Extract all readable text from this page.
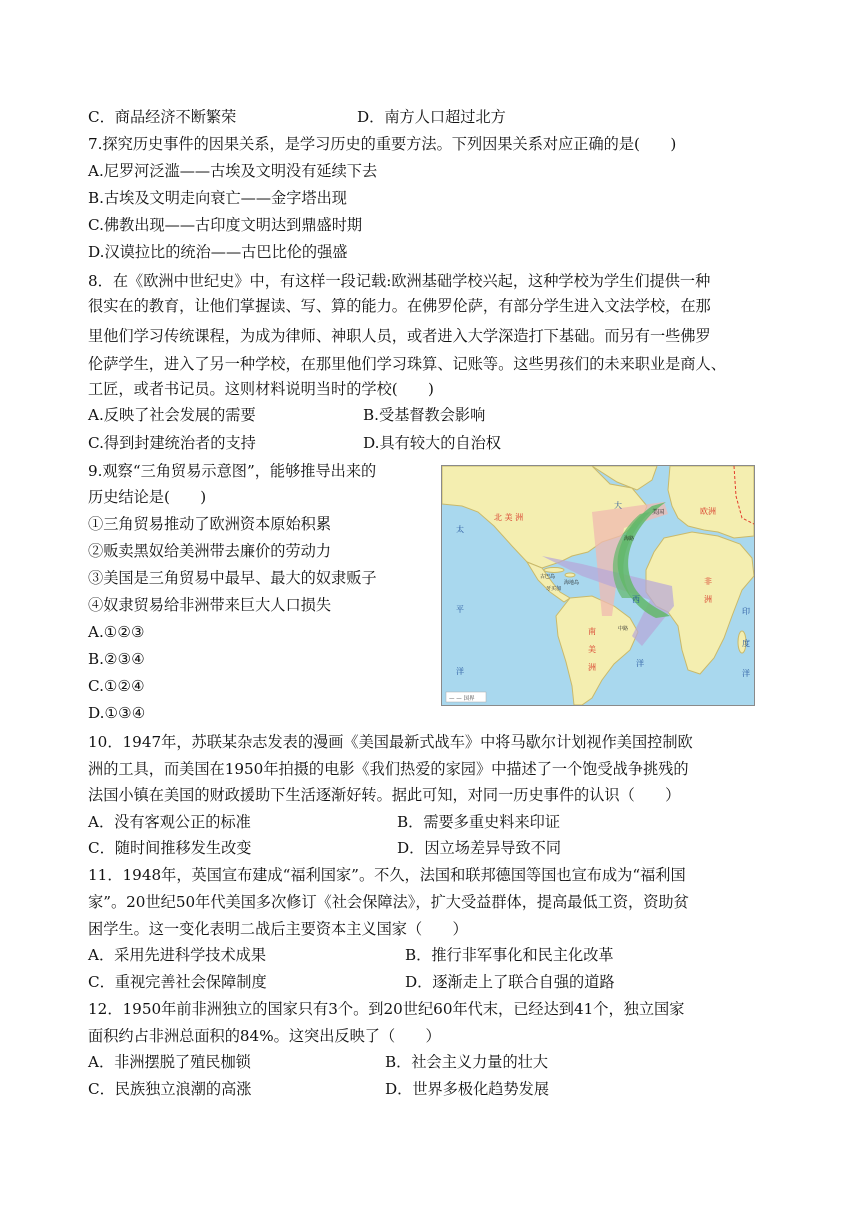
C．商品经济不断繁荣	D．南方人口超过北方
7.探究历史事件的因果关系，是学习历史的重要方法。下列因果关系对应正确的是(　　)
A.尼罗河泛滥——古埃及文明没有延续下去
B.古埃及文明走向衰亡——金字塔出现
C.佛教出现——古印度文明达到鼎盛时期
D.汉谟拉比的统治——古巴比伦的强盛
8．在《欧洲中世纪史》中，有这样一段记载:欧洲基础学校兴起，这种学校为学生们提供一种
很实在的教育，让他们掌握读、写、算的能力。在佛罗伦萨，有部分学生进入文法学校，在那
里他们学习传统课程，为成为律师、神职人员，或者进入大学深造打下基础。而另有一些佛罗
伦萨学生，进入了另一种学校，在那里他们学习珠算、记账等。这些男孩们的未来职业是商人、
工匠，或者书记员。这则材料说明当时的学校(　　)
A.反映了社会发展的需要	B.受基督教会影响
C.得到封建统治者的支持	D.具有较大的自治权
9.观察“三角贸易示意图”，能够推导出来的
历史结论是(　　)
①三角贸易推动了欧洲资本原始积累
②贩卖黑奴给美洲带去廉价的劳动力
③美国是三角贸易中最早、最大的奴隶贩子
④奴隶贸易给非洲带来巨大人口损失
A.①②③
B.②③④
C.①②④
D.①③④
北 美 洲
南
美
洲
非
洲
欧洲
美国
古巴岛
海地岛
牙买加
太
平
洋
大
西
洋
印
度
洋
海路
中路
— — 国界
10．1947年，苏联某杂志发表的漫画《美国最新式战车》中将马歇尔计划视作美国控制欧
洲的工具，而美国在1950年拍摄的电影《我们热爱的家园》中描述了一个饱受战争挑残的
法国小镇在美国的财政援助下生活逐渐好转。据此可知，对同一历史事件的认识（　　）
A．没有客观公正的标准	B．需要多重史料来印证
C．随时间推移发生改变	D．因立场差异导致不同
11．1948年，英国宣布建成“福利国家”。不久，法国和联邦德国等国也宣布成为“福利国
家”。20世纪50年代美国多次修订《社会保障法》，扩大受益群体，提高最低工资，资助贫
困学生。这一变化表明二战后主要资本主义国家（　　）
A．采用先进科学技术成果	B．推行非军事化和民主化改革
C．重视完善社会保障制度	D．逐渐走上了联合自强的道路
12．1950年前非洲独立的国家只有3个。到20世纪60年代末，已经达到41个，独立国家
面积约占非洲总面积的84%。这突出反映了（　　）
A．非洲摆脱了殖民枷锁	B．社会主义力量的壮大
C．民族独立浪潮的高涨	D．世界多极化趋势发展
